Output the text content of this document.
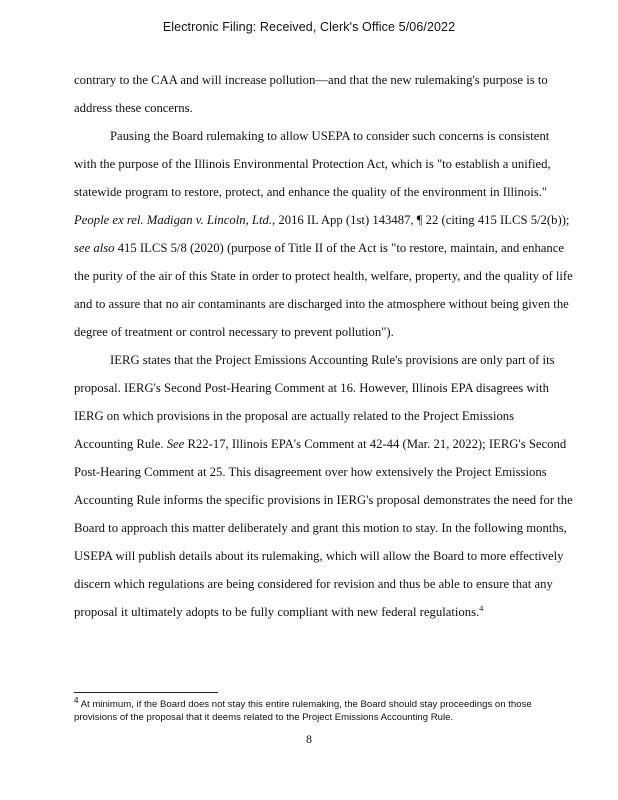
Electronic Filing: Received, Clerk's Office 5/06/2022

contrary to the CAA and will increase pollution—and that the new rulemaking's purpose is to address these concerns.

Pausing the Board rulemaking to allow USEPA to consider such concerns is consistent with the purpose of the Illinois Environmental Protection Act, which is "to establish a unified, statewide program to restore, protect, and enhance the quality of the environment in Illinois." People ex rel. Madigan v. Lincoln, Ltd., 2016 IL App (1st) 143487, ¶ 22 (citing 415 ILCS 5/2(b)); see also 415 ILCS 5/8 (2020) (purpose of Title II of the Act is "to restore, maintain, and enhance the purity of the air of this State in order to protect health, welfare, property, and the quality of life and to assure that no air contaminants are discharged into the atmosphere without being given the degree of treatment or control necessary to prevent pollution").

IERG states that the Project Emissions Accounting Rule's provisions are only part of its proposal. IERG's Second Post-Hearing Comment at 16. However, Illinois EPA disagrees with IERG on which provisions in the proposal are actually related to the Project Emissions Accounting Rule. See R22-17, Illinois EPA's Comment at 42-44 (Mar. 21, 2022); IERG's Second Post-Hearing Comment at 25. This disagreement over how extensively the Project Emissions Accounting Rule informs the specific provisions in IERG's proposal demonstrates the need for the Board to approach this matter deliberately and grant this motion to stay. In the following months, USEPA will publish details about its rulemaking, which will allow the Board to more effectively discern which regulations are being considered for revision and thus be able to ensure that any proposal it ultimately adopts to be fully compliant with new federal regulations.$^4$

$^4$ At minimum, if the Board does not stay this entire rulemaking, the Board should stay proceedings on those provisions of the proposal that it deems related to the Project Emissions Accounting Rule.
8
